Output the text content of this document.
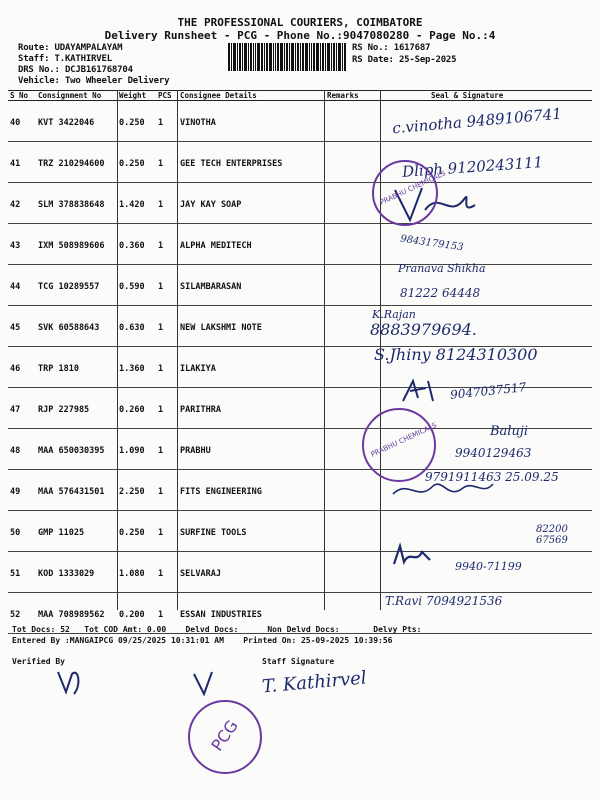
THE PROFESSIONAL COURIERS, COIMBATORE
Delivery Runsheet - PCG - Phone No.:9047080280 - Page No.:4
Route: UDAYAMPALAYAM
Staff: T.KATHIRVEL
DRS No.: DCJB161768704
Vehicle: Two Wheeler Delivery
RS No.: 1617687
RS Date: 25-Sep-2025
S No	Consignment No	Weight	PCS	Consignee Details	Remarks	Seal & Signature
40	KVT 3422046	0.250	1	VINOTHA		
41	TRZ 210294600	0.250	1	GEE TECH ENTERPRISES		
42	SLM 378838648	1.420	1	JAY KAY SOAP		
43	IXM 508989606	0.360	1	ALPHA MEDITECH		
44	TCG 10289557	0.590	1	SILAMBARASAN		
45	SVK 60588643	0.630	1	NEW LAKSHMI NOTE		
46	TRP 1810	1.360	1	ILAKIYA		
47	RJP 227985	0.260	1	PARITHRA		
48	MAA 650030395	1.090	1	PRABHU		
49	MAA 576431501	2.250	1	FITS ENGINEERING		
50	GMP 11025	0.250	1	SURFINE TOOLS		
51	KOD 1333029	1.080	1	SELVARAJ		
52	MAA 708989562	0.200	1	ESSAN INDUSTRIES		
c.vinotha 9489106741
Dliph 9120243111
9843179153
Pranava Shikha
81222 64448
K.Rajan
8883979694.
S.Jhiny 8124310300
9047037517
Baluji
9940129463
9791911463 25.09.25
82200 67569
9940-71199
T.Ravi 7094921536
PRABHU CHEMICALS
PRABHU CHEMICALS
Tot Docs: 52 Tot COD Amt: 0.00 Delvd Docs:	Non Delvd Docs:	Delvy Pts:
Entered By :MANGAIPCG 09/25/2025 10:31:01 AM Printed On: 25-09-2025 10:39:56
Verified By	Staff Signature
T. Kathirvel
PCG
